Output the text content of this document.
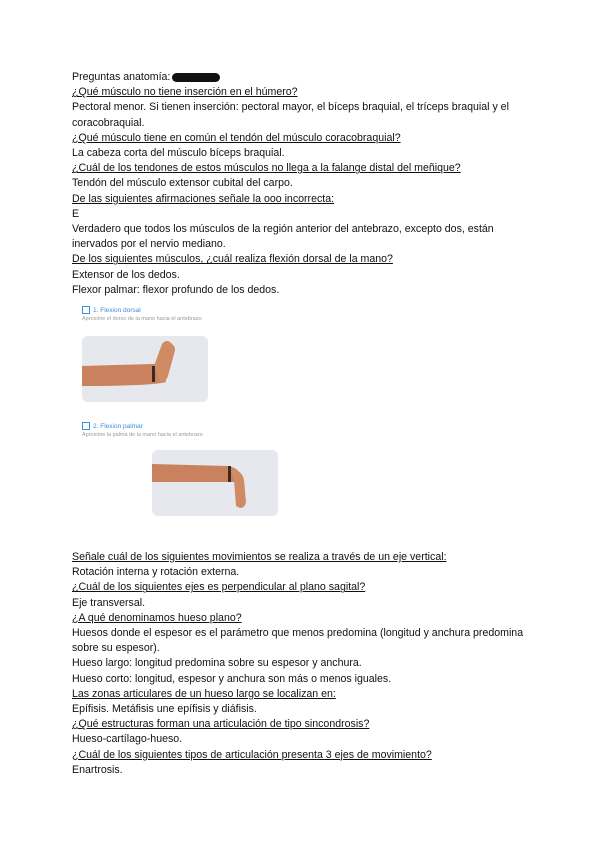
Preguntas anatomía:

¿Qué músculo no tiene inserción en el húmero?

Pectoral menor. Si tienen inserción: pectoral mayor, el bíceps braquial, el tríceps braquial y el coracobraquial.

¿Qué músculo tiene en común el tendón del músculo coracobraquial?

La cabeza corta del músculo bíceps braquial.

¿Cuál de los tendones de estos músculos no llega a la falange distal del meñique?

Tendón del músculo extensor cubital del carpo.

De las siguientes afirmaciones señale la ooo incorrecta:

E

Verdadero que todos los músculos de la región anterior del antebrazo, excepto dos, están inervados por el nervio mediano.

De los siguientes músculos, ¿cuál realiza flexión dorsal de la mano?

Extensor de los dedos.

Flexor palmar: flexor profundo de los dedos.

1. Flexion dorsal
Aproxime el dorso de la mano hacia el antebrazo
2. Flexion palmar
Aproxime la palma de la mano hacia el antebrazo

Señale cuál de los siguientes movimientos se realiza a través de un eje vertical:

Rotación interna y rotación externa.

¿Cuál de los siguientes ejes es perpendicular al plano sagital?

Eje transversal.

¿A qué denominamos hueso plano?

Huesos donde el espesor es el parámetro que menos predomina (longitud y anchura predomina sobre su espesor).

Hueso largo: longitud predomina sobre su espesor y anchura.

Hueso corto: longitud, espesor y anchura son más o menos iguales.

Las zonas articulares de un hueso largo se localizan en:

Epífisis. Metáfisis une epífisis y diáfisis.

¿Qué estructuras forman una articulación de tipo sincondrosis?

Hueso-cartílago-hueso.

¿Cuál de los siguientes tipos de articulación presenta 3 ejes de movimiento?

Enartrosis.
